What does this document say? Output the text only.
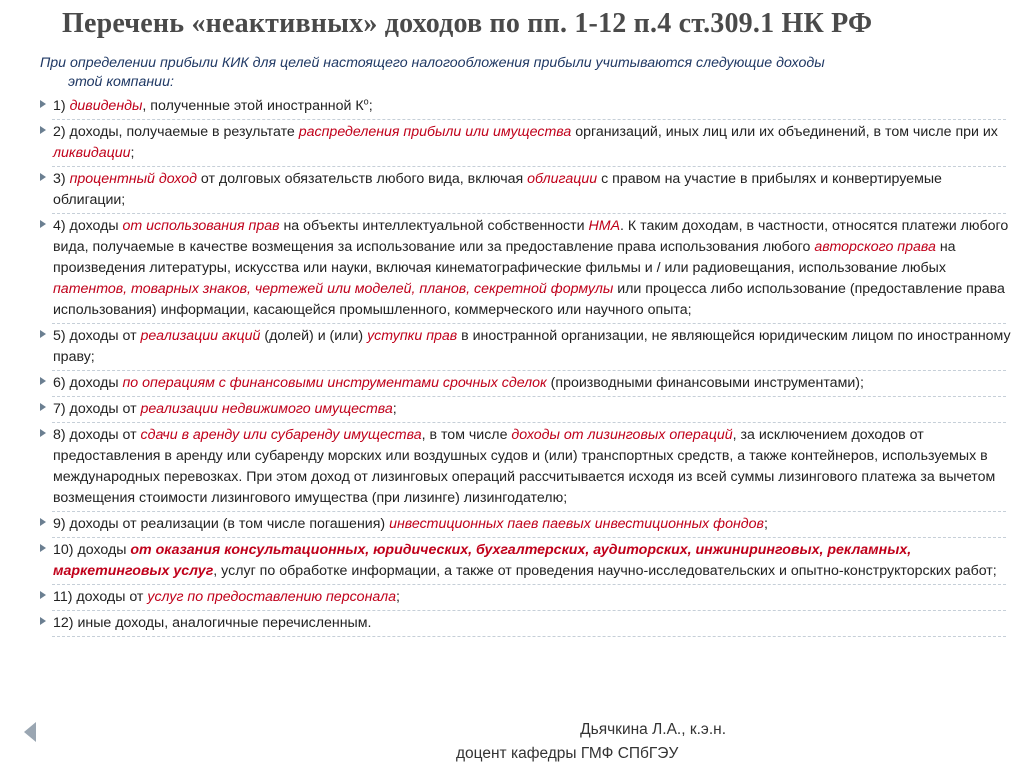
Перечень «неактивных» доходов по пп. 1-12 п.4 ст.309.1 НК РФ
При определении прибыли КИК для целей настоящего налогообложения прибыли учитываются следующие доходы
этой компании:
1) дивиденды, полученные этой иностранной $К^о$;
2) доходы, получаемые в результате распределения прибыли или имущества организаций, иных лиц или их объединений, в том числе при их ликвидации;
3) процентный доход от долговых обязательств любого вида, включая облигации с правом на участие в прибылях и конвертируемые облигации;
4) доходы от использования прав на объекты интеллектуальной собственности НМА. К таким доходам, в частности, относятся платежи любого вида, получаемые в качестве возмещения за использование или за предоставление права использования любого авторского права на произведения литературы, искусства или науки, включая кинематографические фильмы и / или радиовещания, использование любых патентов, товарных знаков, чертежей или моделей, планов, секретной формулы или процесса либо использование (предоставление права использования) информации, касающейся промышленного, коммерческого или научного опыта;
5) доходы от реализации акций (долей) и (или) уступки прав в иностранной организации, не являющейся юридическим лицом по иностранному праву;
6) доходы по операциям с финансовыми инструментами срочных сделок (производными финансовыми инструментами);
7) доходы от реализации недвижимого имущества;
8) доходы от сдачи в аренду или субаренду имущества, в том числе доходы от лизинговых операций, за исключением доходов от предоставления в аренду или субаренду морских или воздушных судов и (или) транспортных средств, а также контейнеров, используемых в международных перевозках. При этом доход от лизинговых операций рассчитывается исходя из всей суммы лизингового платежа за вычетом возмещения стоимости лизингового имущества (при лизинге) лизингодателю;
9) доходы от реализации (в том числе погашения) инвестиционных паев паевых инвестиционных фондов;
10) доходы от оказания консультационных, юридических, бухгалтерских, аудиторских, инжиниринговых, рекламных, маркетинговых услуг, услуг по обработке информации, а также от проведения научно-исследовательских и опытно-конструкторских работ;
11) доходы от услуг по предоставлению персонала;
12) иные доходы, аналогичные перечисленным.
Дьячкина Л.А., к.э.н.
доцент кафедры ГМФ СПбГЭУ
